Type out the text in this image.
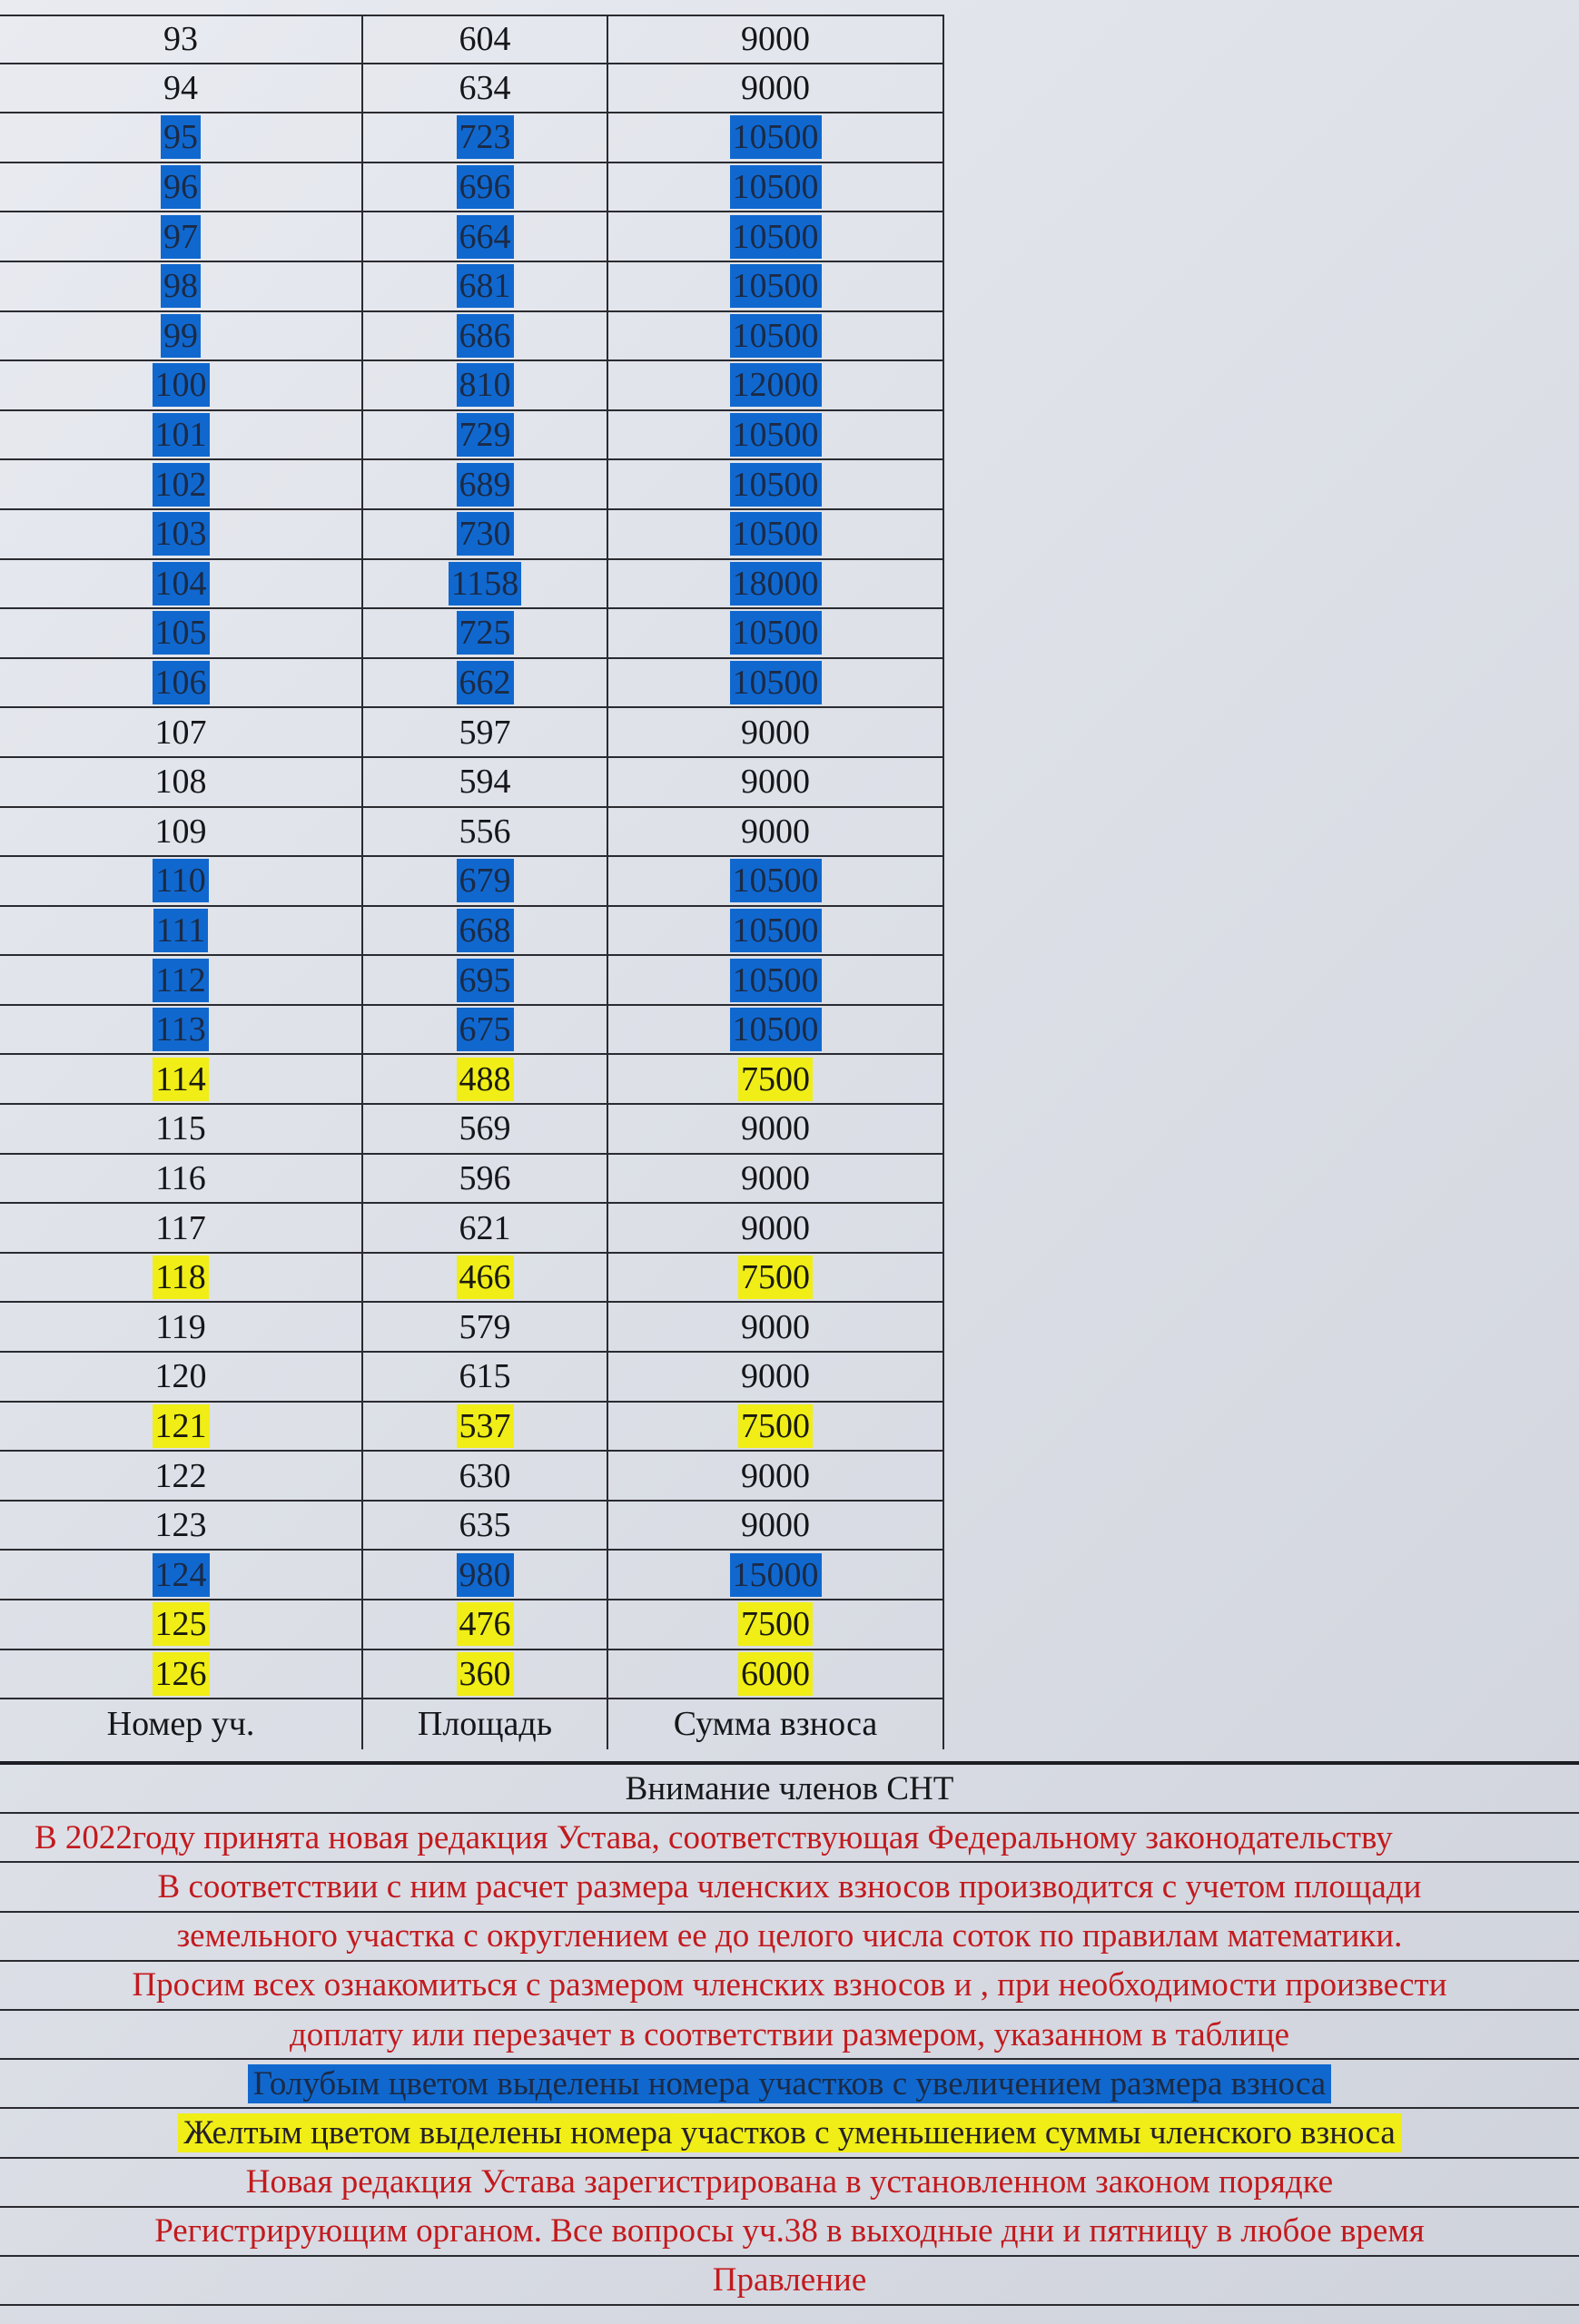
93	604	9000
94	634	9000
95	723	10500
96	696	10500
97	664	10500
98	681	10500
99	686	10500
100	810	12000
101	729	10500
102	689	10500
103	730	10500
104	1158	18000
105	725	10500
106	662	10500
107	597	9000
108	594	9000
109	556	9000
110	679	10500
111	668	10500
112	695	10500
113	675	10500
114	488	7500
115	569	9000
116	596	9000
117	621	9000
118	466	7500
119	579	9000
120	615	9000
121	537	7500
122	630	9000
123	635	9000
124	980	15000
125	476	7500
126	360	6000
Номер уч.	Площадь	Сумма взноса
Внимание членов СНТ
В 2022году принята новая редакция Устава, соответствующая Федеральному законодательству
В соответствии с ним расчет размера членских взносов производится с учетом площади
земельного участка с округлением ее до целого числа соток по правилам математики.
Просим всех ознакомиться с размером членских взносов и , при необходимости произвести
доплату или перезачет в соответствии размером, указанном в таблице
Голубым цветом выделены номера участков с увеличением размера взноса
Желтым цветом выделены номера участков с уменьшением суммы членского взноса
Новая редакция Устава зарегистрирована в установленном законом порядке
Регистрирующим органом. Все вопросы уч.38 в выходные дни и пятницу в любое время
Правление
